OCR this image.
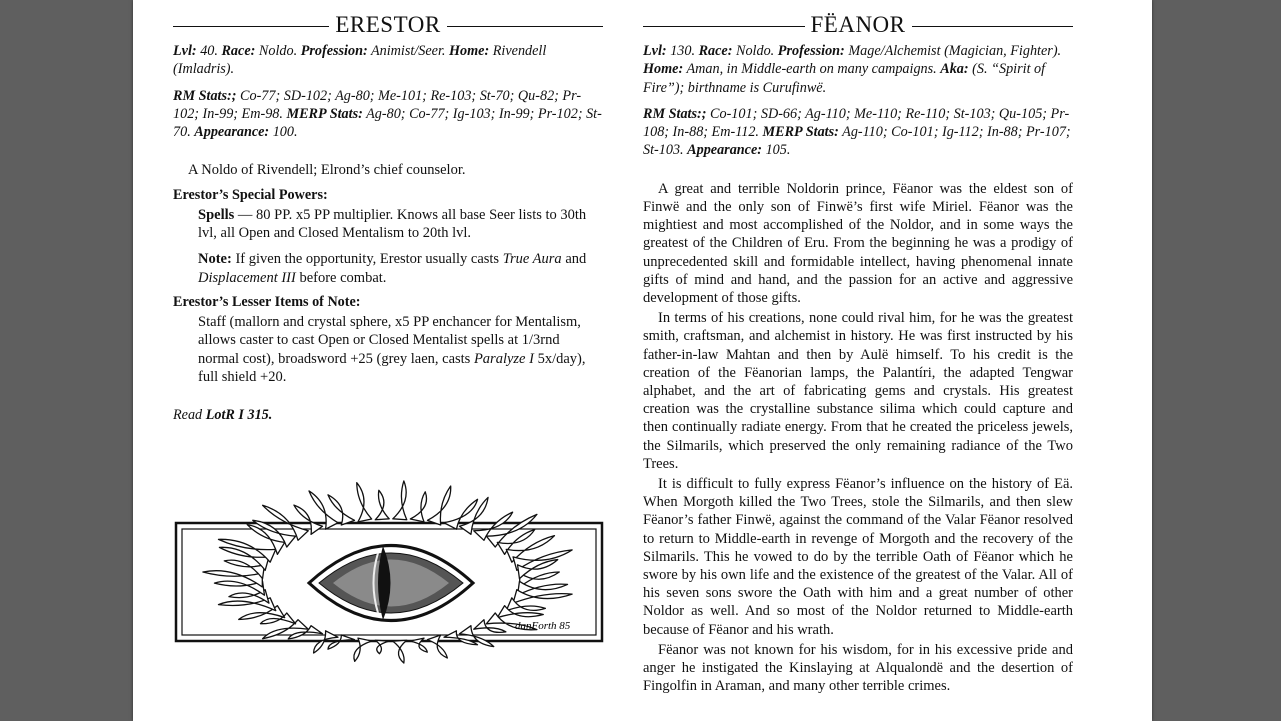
ERESTOR

Lvl: 40. Race: Noldo. Profession: Animist/Seer. Home: Rivendell (Imladris).

RM Stats:; Co-77; SD-102; Ag-80; Me-101; Re-103; St-70; Qu-82; Pr-102; In-99; Em-98. MERP Stats: Ag-80; Co-77; Ig-103; In-99; Pr-102; St-70. Appearance: 100.

A Noldo of Rivendell; Elrond’s chief counselor.

Erestor’s Special Powers:

Spells — 80 PP. x5 PP multiplier. Knows all base Seer lists to 30th lvl, all Open and Closed Mentalism to 20th lvl.

Note: If given the opportunity, Erestor usually casts True Aura and Displacement III before combat.

Erestor’s Lesser Items of Note:

Staff (mallorn and crystal sphere, x5 PP enchancer for Mentalism, allows caster to cast Open or Closed Mentalist spells at 1/3rnd normal cost), broadsword +25 (grey laen, casts Paralyze I 5x/day), full shield +20.

Read LotR I 315.
danForth 85
FËANOR

Lvl: 130. Race: Noldo. Profession: Mage/Alchemist (Magician, Fighter). Home: Aman, in Middle-earth on many campaigns. Aka: (S. “Spirit of Fire”); birthname is Curufinwë.

RM Stats:; Co-101; SD-66; Ag-110; Me-110; Re-110; St-103; Qu-105; Pr-108; In-88; Em-112. MERP Stats: Ag-110; Co-101; Ig-112; In-88; Pr-107; St-103. Appearance: 105.

A great and terrible Noldorin prince, Fëanor was the eldest son of Finwë and the only son of Finwë’s first wife Miriel. Fëanor was the mightiest and most accomplished of the Noldor, and in some ways the greatest of the Children of Eru. From the beginning he was a prodigy of unprecedented skill and formidable intellect, having phenomenal innate gifts of mind and hand, and the passion for an active and aggressive development of those gifts.

In terms of his creations, none could rival him, for he was the greatest smith, craftsman, and alchemist in history. He was first instructed by his father-in-law Mahtan and then by Aulë himself. To his credit is the creation of the Fëanorian lamps, the Palantíri, the adapted Tengwar alphabet, and the art of fabricating gems and crystals. His greatest creation was the crystalline substance silima which could capture and then continually radiate energy. From that he created the priceless jewels, the Silmarils, which preserved the only remaining radiance of the Two Trees.

It is difficult to fully express Fëanor’s influence on the history of Eä. When Morgoth killed the Two Trees, stole the Silmarils, and then slew Fëanor’s father Finwë, against the command of the Valar Fëanor resolved to return to Middle-earth in revenge of Morgoth and the recovery of the Silmarils. This he vowed to do by the terrible Oath of Fëanor which he swore by his own life and the existence of the greatest of the Valar. All of his seven sons swore the Oath with him and a great number of other Noldor as well. And so most of the Noldor returned to Middle-earth because of Fëanor and his wrath.

Fëanor was not known for his wisdom, for in his excessive pride and anger he instigated the Kinslaying at Alqualondë and the desertion of Fingolfin in Araman, and many other terrible crimes.
